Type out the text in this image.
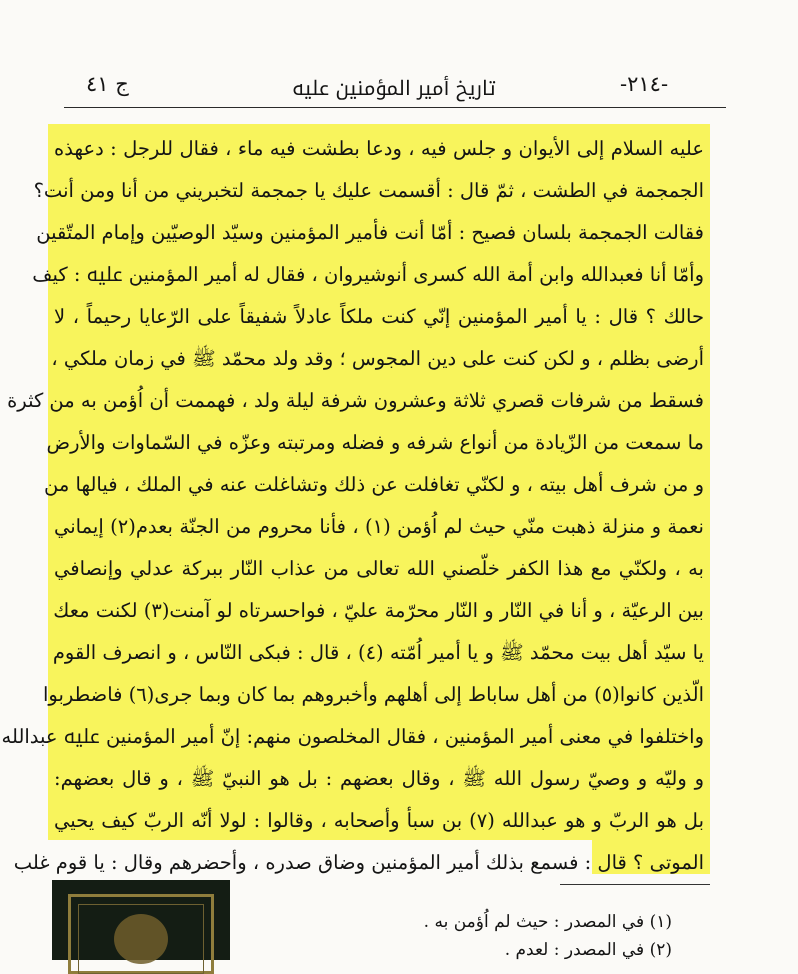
ج ٤١	تاريخ أمير المؤمنين ﷷ	-٢١٤-
عليه السلام إلى الأيوان و جلس فيه ، ودعا بطشت فيه ماء ، فقال للرجل : دعهذه
الجمجمة في الطشت ، ثمّ قال : أقسمت عليك يا جمجمة لتخبريني من أنا ومن أنت؟
فقالت الجمجمة بلسان فصيح : أمّا أنت فأمير المؤمنين وسيّد الوصيّين وإمام المتّقين
وأمّا أنا فعبدالله وابن أمة الله كسرى أنوشيروان ، فقال له أمير المؤمنين ﷷ : كيف
حالك ؟ قال : يا أمير المؤمنين إنّي كنت ملكاً عادلاً شفيقاً على الرّعايا رحيماً ، لا
أرضى بظلم ، و لكن كنت على دين المجوس ؛ وقد ولد محمّد ﷺ في زمان ملكي ،
فسقط من شرفات قصري ثلاثة وعشرون شرفة ليلة ولد ، فهممت أن اُؤمن به من كثرة
ما سمعت من الزّيادة من أنواع شرفه و فضله ومرتبته وعزّه في السّماوات والأرض
و من شرف أهل بيته ، و لكنّي تغافلت عن ذلك وتشاغلت عنه في الملك ، فيالها من
نعمة و منزلة ذهبت منّي حيث لم اُؤمن (١) ، فأنا محروم من الجنّة بعدم(٢) إيماني
به ، ولكنّي مع هذا الكفر خلّصني الله تعالى من عذاب النّار ببركة عدلي وإنصافي
بين الرعيّة ، و أنا في النّار و النّار محرّمة عليّ ، فواحسرتاه لو آمنت(٣) لكنت معك
يا سيّد أهل بيت محمّد ﷺ و يا أمير اُمّته (٤) ، قال : فبكى النّاس ، و انصرف القوم
الّذين كانوا(٥) من أهل ساباط إلى أهلهم وأخبروهم بما كان وبما جرى(٦) فاضطربوا
واختلفوا في معنى أمير المؤمنين ، فقال المخلصون منهم: إنّ أمير المؤمنين ﷷ عبدالله
و وليّه و وصيّ رسول الله ﷺ ، وقال بعضهم : بل هو النبيّ ﷺ ، و قال بعضهم:
بل هو الربّ و هو عبدالله (٧) بن سبأ وأصحابه ، وقالوا : لولا أنّه الربّ كيف يحيي
الموتى ؟ قال : فسمع بذلك أمير المؤمنين وضاق صدره ، وأحضرهم وقال : يا قوم غلب
(١) في المصدر : حيث لم اُؤمن به .
(٢) في المصدر : لعدم .
